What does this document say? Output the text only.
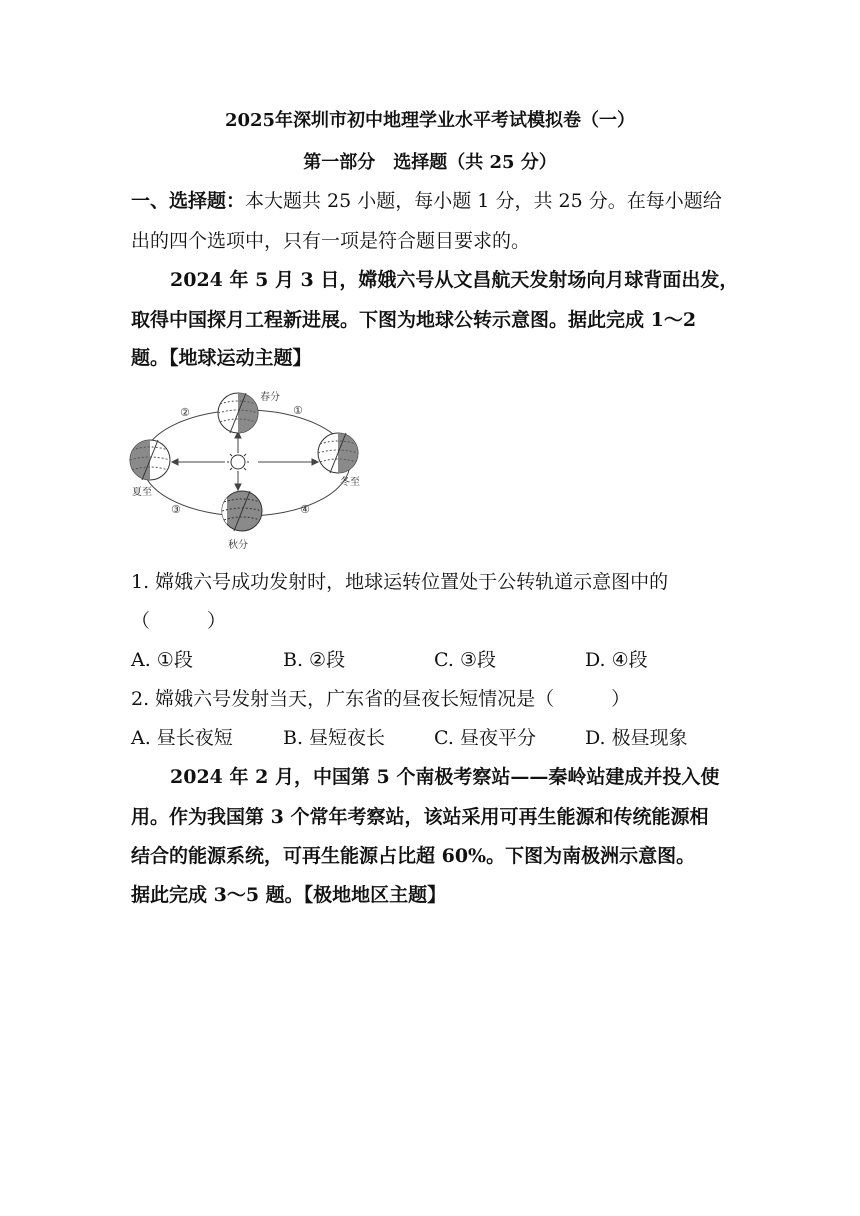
2025年深圳市初中地理学业水平考试模拟卷（一）
第一部分　选择题（共 25 分）
一、选择题：本大题共 25 小题，每小题 1 分，共 25 分。在每小题给
出的四个选项中，只有一项是符合题目要求的。
2024 年 5 月 3 日，嫦娥六号从文昌航天发射场向月球背面出发，
取得中国探月工程新进展。下图为地球公转示意图。据此完成 1～2
题。【地球运动主题】
春分
夏至
冬至
秋分
②	①
③	④
1. 嫦娥六号成功发射时，地球运转位置处于公转轨道示意图中的
（　　　）
A. ①段	B. ②段	C. ③段	D. ④段
2. 嫦娥六号发射当天，广东省的昼夜长短情况是（　　　）
A. 昼长夜短	B. 昼短夜长	C. 昼夜平分	D. 极昼现象
2024 年 2 月，中国第 5 个南极考察站——秦岭站建成并投入使
用。作为我国第 3 个常年考察站，该站采用可再生能源和传统能源相
结合的能源系统，可再生能源占比超 60%。下图为南极洲示意图。
据此完成 3～5 题。【极地地区主题】
